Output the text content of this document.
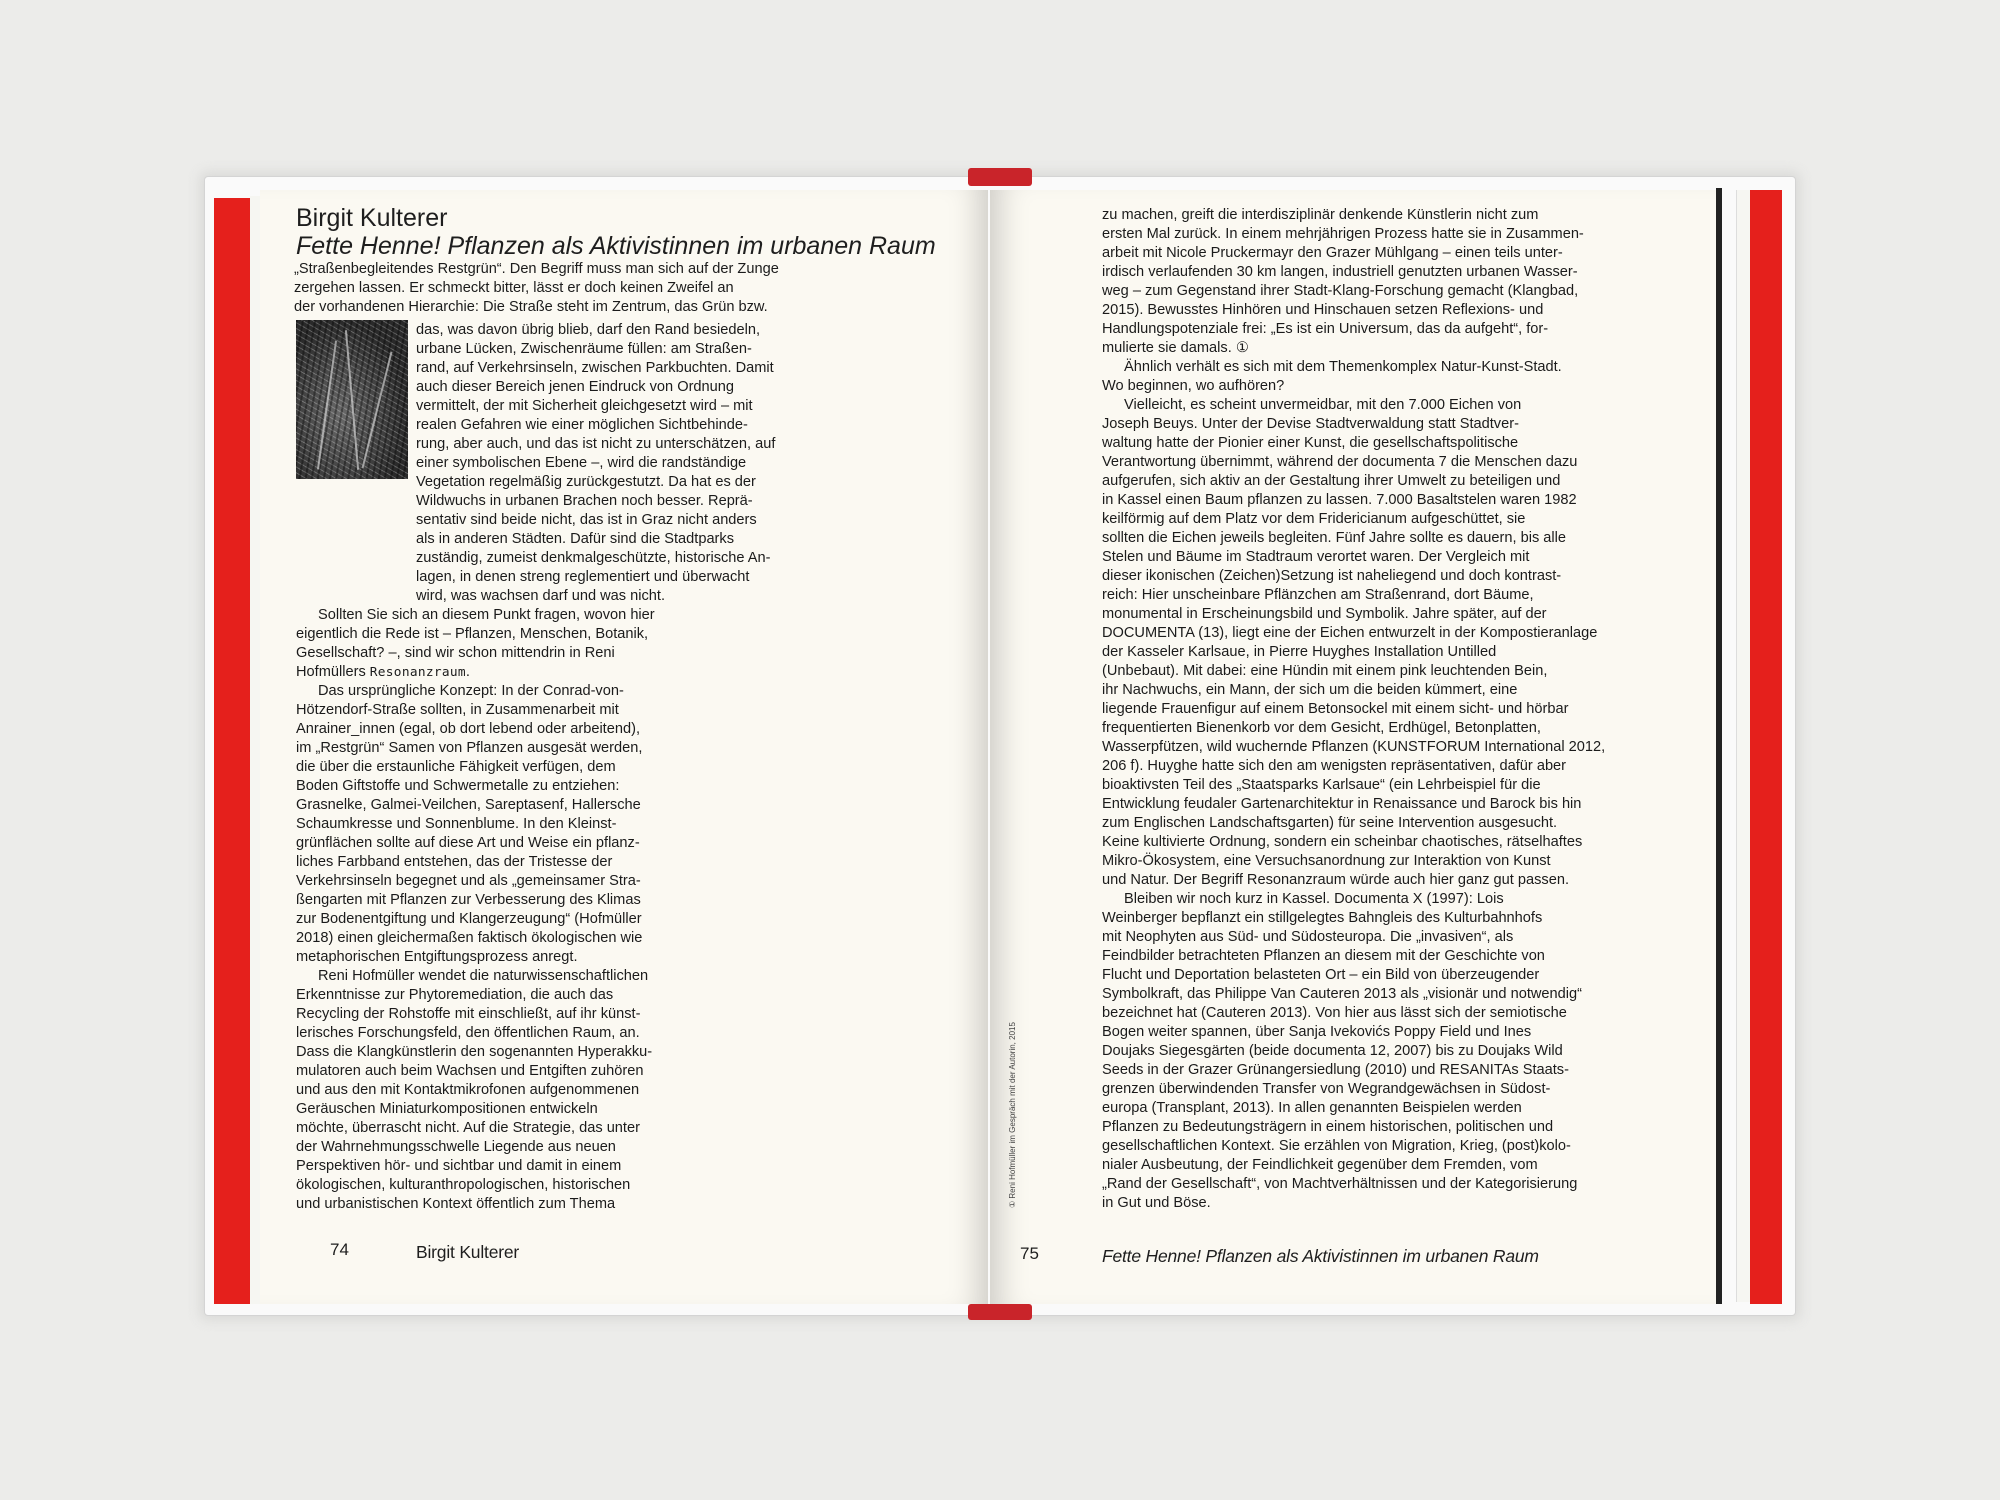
Birgit Kulterer
Fette Henne! Pflanzen als Aktivistinnen im urbanen Raum
„Straßenbegleitendes Restgrün“. Den Begriff muss man sich auf der Zunge
zergehen lassen. Er schmeckt bitter, lässt er doch keinen Zweifel an
der vorhandenen Hierarchie: Die Straße steht im Zentrum, das Grün bzw.
das, was davon übrig blieb, darf den Rand besiedeln,
urbane Lücken, Zwischenräume füllen: am Straßen-
rand, auf Verkehrsinseln, zwischen Parkbuchten. Damit
auch dieser Bereich jenen Eindruck von Ordnung
vermittelt, der mit Sicherheit gleichgesetzt wird – mit
realen Gefahren wie einer möglichen Sichtbehinde-
rung, aber auch, und das ist nicht zu unterschätzen, auf
einer symbolischen Ebene –, wird die randständige
Vegetation regelmäßig zurückgestutzt. Da hat es der
Wildwuchs in urbanen Brachen noch besser. Reprä-
sentativ sind beide nicht, das ist in Graz nicht anders
als in anderen Städten. Dafür sind die Stadtparks
zuständig, zumeist denkmalgeschützte, historische An-
lagen, in denen streng reglementiert und überwacht
wird, was wachsen darf und was nicht.
Sollten Sie sich an diesem Punkt fragen, wovon hier
eigentlich die Rede ist – Pflanzen, Menschen, Botanik,
Gesellschaft? –, sind wir schon mittendrin in Reni
Hofmüllers Resonanzraum.
Das ursprüngliche Konzept: In der Conrad-von-
Hötzendorf-Straße sollten, in Zusammenarbeit mit
Anrainer_innen (egal, ob dort lebend oder arbeitend),
im „Restgrün“ Samen von Pflanzen ausgesät werden,
die über die erstaunliche Fähigkeit verfügen, dem
Boden Giftstoffe und Schwermetalle zu entziehen:
Grasnelke, Galmei-Veilchen, Sareptasenf, Hallersche
Schaumkresse und Sonnenblume. In den Kleinst-
grünflächen sollte auf diese Art und Weise ein pflanz-
liches Farbband entstehen, das der Tristesse der
Verkehrsinseln begegnet und als „gemeinsamer Stra-
ßengarten mit Pflanzen zur Verbesserung des Klimas
zur Bodenentgiftung und Klangerzeugung“ (Hofmüller
2018) einen gleichermaßen faktisch ökologischen wie
metaphorischen Entgiftungsprozess anregt.
Reni Hofmüller wendet die naturwissenschaftlichen
Erkenntnisse zur Phytoremediation, die auch das
Recycling der Rohstoffe mit einschließt, auf ihr künst-
lerisches Forschungsfeld, den öffentlichen Raum, an.
Dass die Klangkünstlerin den sogenannten Hyperakku-
mulatoren auch beim Wachsen und Entgiften zuhören
und aus den mit Kontaktmikrofonen aufgenommenen
Geräuschen Miniaturkompositionen entwickeln
möchte, überrascht nicht. Auf die Strategie, das unter
der Wahrnehmungsschwelle Liegende aus neuen
Perspektiven hör- und sichtbar und damit in einem
ökologischen, kulturanthropologischen, historischen
und urbanistischen Kontext öffentlich zum Thema
74	Birgit Kulterer
① Reni Hofmüller im Gespräch mit der Autorin, 2015
zu machen, greift die interdisziplinär denkende Künstlerin nicht zum
ersten Mal zurück. In einem mehrjährigen Prozess hatte sie in Zusammen-
arbeit mit Nicole Pruckermayr den Grazer Mühlgang – einen teils unter-
irdisch verlaufenden 30 km langen, industriell genutzten urbanen Wasser-
weg – zum Gegenstand ihrer Stadt-Klang-Forschung gemacht (Klangbad,
2015). Bewusstes Hinhören und Hinschauen setzen Reflexions- und
Handlungspotenziale frei: „Es ist ein Universum, das da aufgeht“, for-
mulierte sie damals. ①
Ähnlich verhält es sich mit dem Themenkomplex Natur-Kunst-Stadt.
Wo beginnen, wo aufhören?
Vielleicht, es scheint unvermeidbar, mit den 7.000 Eichen von
Joseph Beuys. Unter der Devise Stadtverwaldung statt Stadtver-
waltung hatte der Pionier einer Kunst, die gesellschaftspolitische
Verantwortung übernimmt, während der documenta 7 die Menschen dazu
aufgerufen, sich aktiv an der Gestaltung ihrer Umwelt zu beteiligen und
in Kassel einen Baum pflanzen zu lassen. 7.000 Basaltstelen waren 1982
keilförmig auf dem Platz vor dem Fridericianum aufgeschüttet, sie
sollten die Eichen jeweils begleiten. Fünf Jahre sollte es dauern, bis alle
Stelen und Bäume im Stadtraum verortet waren. Der Vergleich mit
dieser ikonischen (Zeichen)Setzung ist naheliegend und doch kontrast-
reich: Hier unscheinbare Pflänzchen am Straßenrand, dort Bäume,
monumental in Erscheinungsbild und Symbolik. Jahre später, auf der
DOCUMENTA (13), liegt eine der Eichen entwurzelt in der Kompostieranlage
der Kasseler Karlsaue, in Pierre Huyghes Installation Untilled
(Unbebaut). Mit dabei: eine Hündin mit einem pink leuchtenden Bein,
ihr Nachwuchs, ein Mann, der sich um die beiden kümmert, eine
liegende Frauenfigur auf einem Betonsockel mit einem sicht- und hörbar
frequentierten Bienenkorb vor dem Gesicht, Erdhügel, Betonplatten,
Wasserpfützen, wild wuchernde Pflanzen (KUNSTFORUM International 2012,
206 f). Huyghe hatte sich den am wenigsten repräsentativen, dafür aber
bioaktivsten Teil des „Staatsparks Karlsaue“ (ein Lehrbeispiel für die
Entwicklung feudaler Gartenarchitektur in Renaissance und Barock bis hin
zum Englischen Landschaftsgarten) für seine Intervention ausgesucht.
Keine kultivierte Ordnung, sondern ein scheinbar chaotisches, rätselhaftes
Mikro-Ökosystem, eine Versuchsanordnung zur Interaktion von Kunst
und Natur. Der Begriff Resonanzraum würde auch hier ganz gut passen.
Bleiben wir noch kurz in Kassel. Documenta X (1997): Lois
Weinberger bepflanzt ein stillgelegtes Bahngleis des Kulturbahnhofs
mit Neophyten aus Süd- und Südosteuropa. Die „invasiven“, als
Feindbilder betrachteten Pflanzen an diesem mit der Geschichte von
Flucht und Deportation belasteten Ort – ein Bild von überzeugender
Symbolkraft, das Philippe Van Cauteren 2013 als „visionär und notwendig“
bezeichnet hat (Cauteren 2013). Von hier aus lässt sich der semiotische
Bogen weiter spannen, über Sanja Ivekovićs Poppy Field und Ines
Doujaks Siegesgärten (beide documenta 12, 2007) bis zu Doujaks Wild
Seeds in der Grazer Grünangersiedlung (2010) und RESANITAs Staats-
grenzen überwindenden Transfer von Wegrandgewächsen in Südost-
europa (Transplant, 2013). In allen genannten Beispielen werden
Pflanzen zu Bedeutungsträgern in einem historischen, politischen und
gesellschaftlichen Kontext. Sie erzählen von Migration, Krieg, (post)kolo-
nialer Ausbeutung, der Feindlichkeit gegenüber dem Fremden, vom
„Rand der Gesellschaft“, von Machtverhältnissen und der Kategorisierung
in Gut und Böse.
75	Fette Henne! Pflanzen als Aktivistinnen im urbanen Raum
